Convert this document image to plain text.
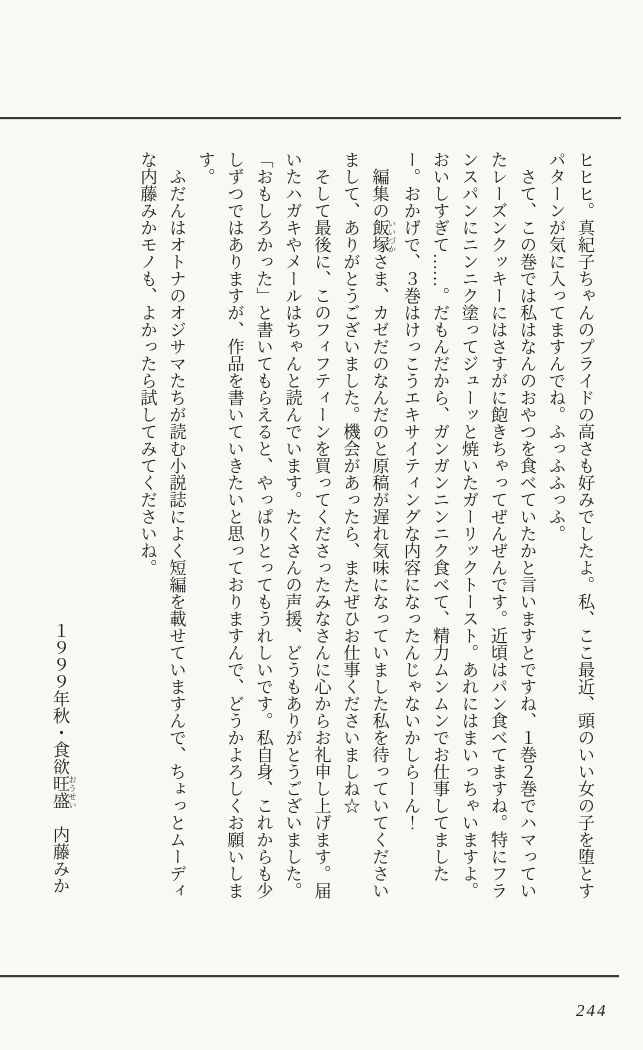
ヒヒヒ。真紀子ちゃんのプライドの高さも好みでしたよ。私、ここ最近、頭のいい女の子を堕とすパターンが気に入ってますんでね。ふっふふっふ。

さて、この巻では私はなんのおやつを食べていたかと言いますとですね、１巻２巻でハマっていたレーズンクッキーにはさすがに飽きちゃってぜんぜんです。近頃はパン食べてますね。特にフランスパンにニンニク塗ってジューッと焼いたガーリックトースト。あれにはまいっちゃいますよ。おいしすぎて……。だもんだから、ガンガンニンニク食べて、精力ムンムンでお仕事してましたー。おかげで、３巻はけっこうエキサイティングな内容になったんじゃないかしらーん！

編集の飯塚 いいづかさま、カゼだのなんだのと原稿が遅れ気味になっていました私を待っていてくださいまして、ありがとうございました。機会があったら、またぜひお仕事くださいましね☆

そして最後に、このフィフティーンを買ってくださったみなさんに心からお礼申し上げます。届いたハガキやメールはちゃんと読んでいます。たくさんの声援、どうもありがとうございました。「おもしろかった」と書いてもらえると、やっぱりとってもうれしいです。私自身、これからも少しずつではありますが、作品を書いていきたいと思っておりますんで、どうかよろしくお願いします。

ふだんはオトナのオジサマたちが読む小説誌によく短編を載せていますんで、ちょっとムーディな内藤みかモノも、よかったら試してみてくださいね。

１９９９年秋・食欲旺盛 おうせい　内藤みか

244
